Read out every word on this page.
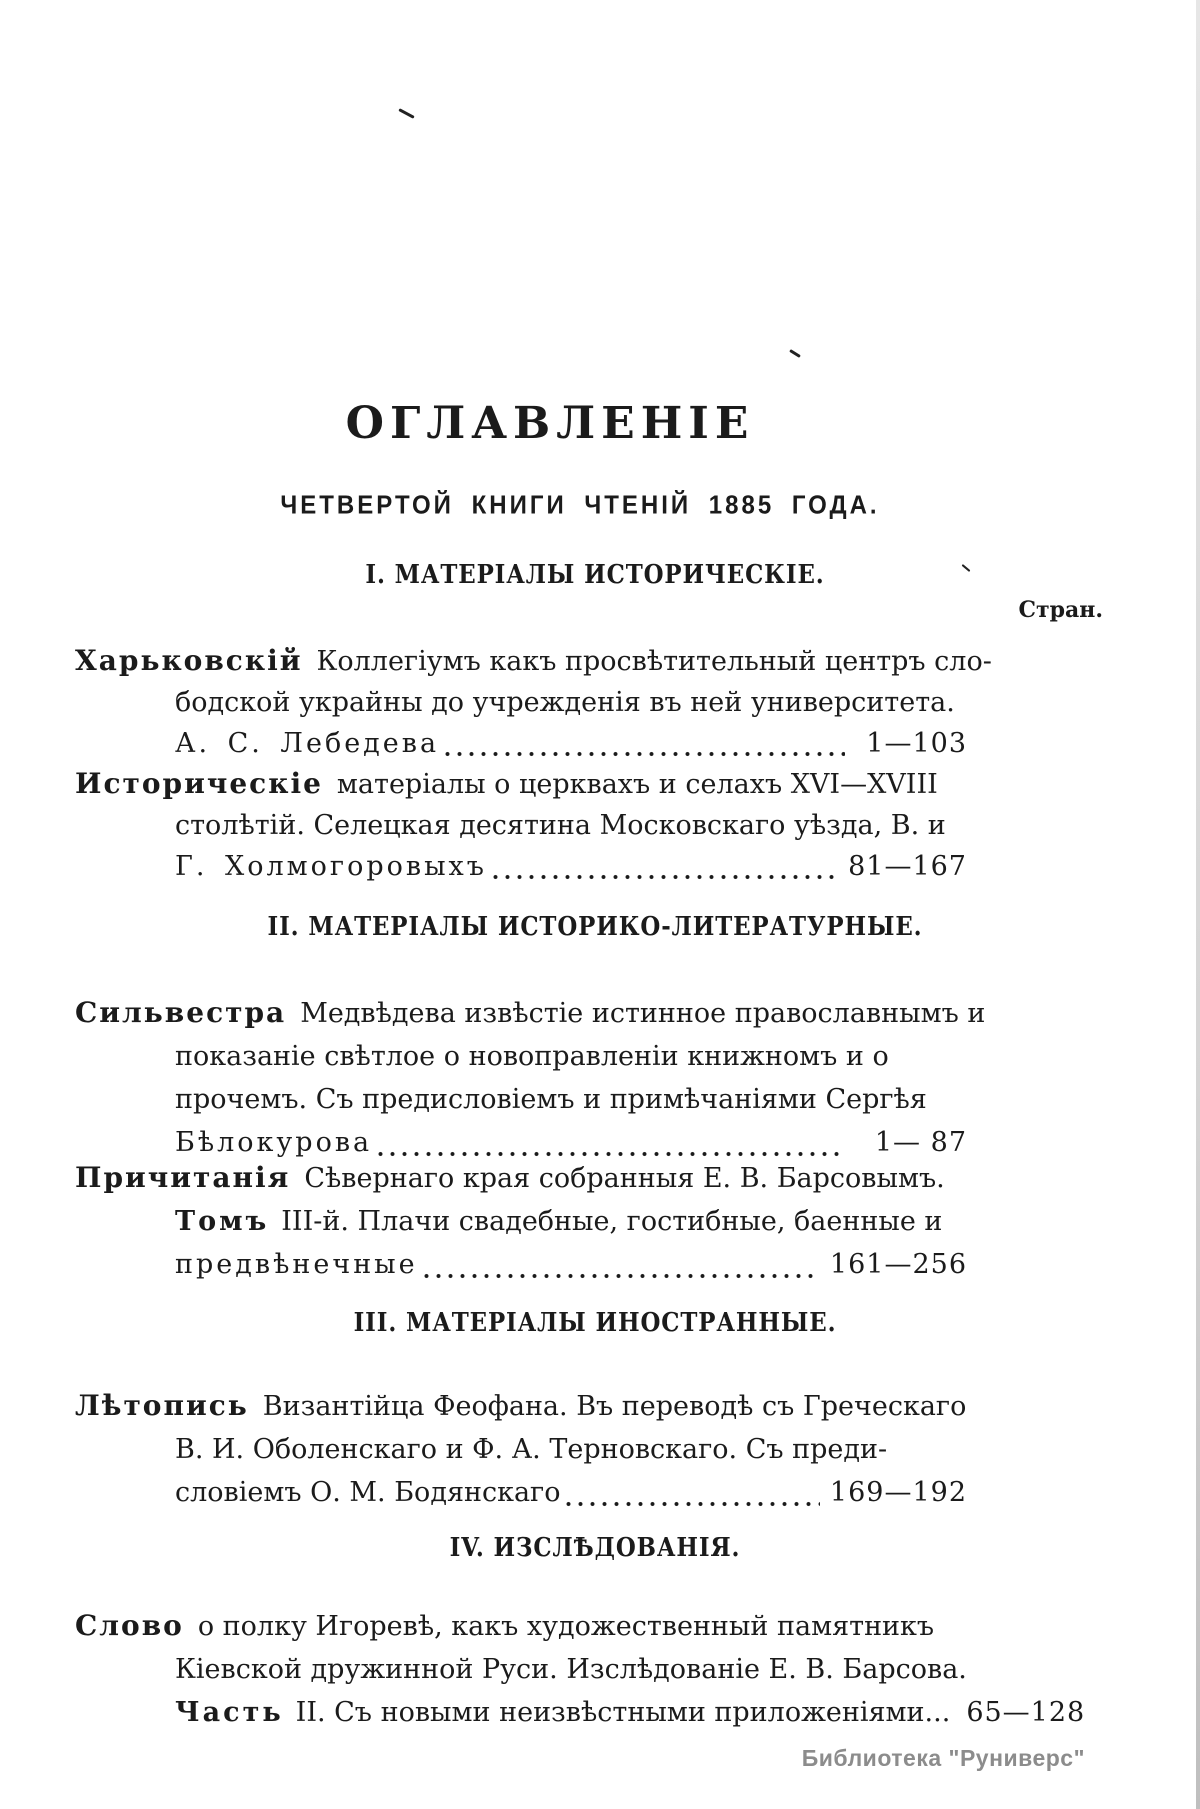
ОГЛАВЛЕНІЕ
ЧЕТВЕРТОЙ КНИГИ ЧТЕНІЙ 1885 ГОДА.
I. МАТЕРІАЛЫ ИСТОРИЧЕСКІЕ.
Стран.
Харьковскій Коллегіумъ какъ просвѣтительный центръ сло-
бодской украйны до учрежденія въ ней университета.
А. С. Лебедева	1—103
Историческіе матеріалы о церквахъ и селахъ XVI—XVIII
столѣтій. Селецкая десятина Московскаго уѣзда, В. и
Г. Холмогоровыхъ	81—167
II. МАТЕРІАЛЫ ИСТОРИКО-ЛИТЕРАТУРНЫЕ.
Сильвестра Медвѣдева извѣстіе истинное православнымъ и
показаніе свѣтлое о новоправленіи книжномъ и о
прочемъ. Съ предисловіемъ и примѣчаніями Сергѣя
Бѣлокурова	1— 87
Причитанія Сѣвернаго края собранныя Е. В. Барсовымъ.
Томъ III-й. Плачи свадебные, гостибные, баенные и
предвѣнечные	161—256
III. МАТЕРІАЛЫ ИНОСТРАННЫЕ.
Лѣтопись Византійца Феофана. Въ переводѣ съ Греческаго
В. И. Оболенскаго и Ф. А. Терновскаго. Съ преди-
словіемъ О. М. Бодянскаго	169—192
IV. ИЗСЛѢДОВАНІЯ.
Слово о полку Игоревѣ, какъ художественный памятникъ
Кіевской дружинной Руси. Изслѣдованіе Е. В. Барсова.
Часть II. Съ новыми неизвѣстными приложеніями... 65—128
Библиотека "Руниверс"
